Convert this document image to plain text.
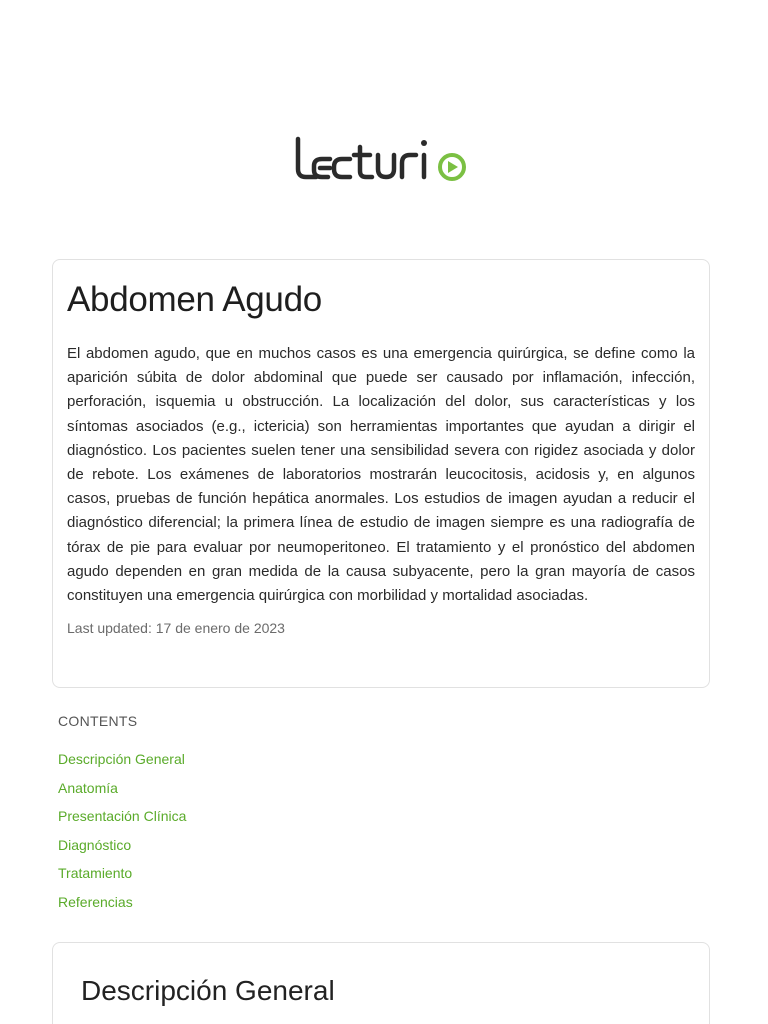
Abdomen Agudo

El abdomen agudo, que en muchos casos es una emergencia quirúrgica, se define como la aparición súbita de dolor abdominal que puede ser causado por inflamación, infección, perforación, isquemia u obstrucción. La localización del dolor, sus características y los síntomas asociados (e.g., ictericia) son herramientas importantes que ayudan a dirigir el diagnóstico. Los pacientes suelen tener una sensibilidad severa con rigidez asociada y dolor de rebote. Los exámenes de laboratorios mostrarán leucocitosis, acidosis y, en algunos casos, pruebas de función hepática anormales. Los estudios de imagen ayudan a reducir el diagnóstico diferencial; la primera línea de estudio de imagen siempre es una radiografía de tórax de pie para evaluar por neumoperitoneo. El tratamiento y el pronóstico del abdomen agudo dependen en gran medida de la causa subyacente, pero la gran mayoría de casos constituyen una emergencia quirúrgica con morbilidad y mortalidad asociadas.

Last updated: 17 de enero de 2023
CONTENTS
Descripción General
Anatomía
Presentación Clínica
Diagnóstico
Tratamiento
Referencias
Descripción General
